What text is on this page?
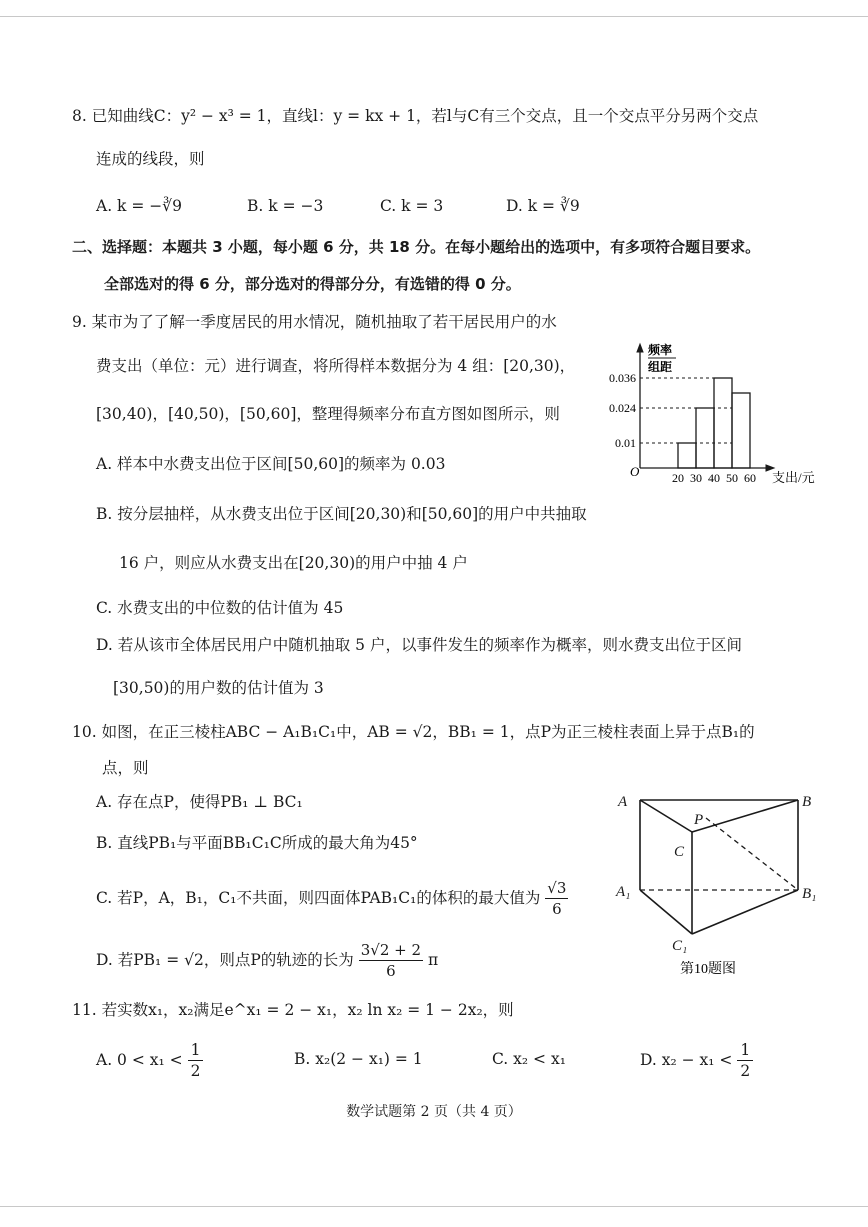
8. 已知曲线C：y² − x³ = 1，直线l：y = kx + 1，若l与C有三个交点，且一个交点平分另两个交点
连成的线段，则
A. k = −∛9	B. k = −3	C. k = 3	D. k = ∛9
二、选择题：本题共 3 小题，每小题 6 分，共 18 分。在每小题给出的选项中，有多项符合题目要求。
全部选对的得 6 分，部分选对的得部分分，有选错的得 0 分。
9. 某市为了了解一季度居民的用水情况，随机抽取了若干居民用户的水
费支出（单位：元）进行调查，将所得样本数据分为 4 组：[20,30)，
[30,40)，[40,50)，[50,60]，整理得频率分布直方图如图所示，则
A. 样本中水费支出位于区间[50,60]的频率为 0.03
B. 按分层抽样，从水费支出位于区间[20,30)和[50,60]的用户中共抽取
16 户，则应从水费支出在[20,30)的用户中抽 4 户
C. 水费支出的中位数的估计值为 45
D. 若从该市全体居民用户中随机抽取 5 户，以事件发生的频率作为概率，则水费支出位于区间
[30,50)的用户数的估计值为 3
0.01
0.024
0.036
20 30 40 50 60
频率
组距
O	支出/元
10. 如图，在正三棱柱ABC − A₁B₁C₁中，AB = √2，BB₁ = 1，点P为正三棱柱表面上异于点B₁的
点，则
A. 存在点P，使得PB₁ ⊥ BC₁
B. 直线PB₁与平面BB₁C₁C所成的最大角为45°
C. 若P，A，B₁，C₁不共面，则四面体PAB₁C₁的体积的最大值为 $\frac{√3}{6}$
D. 若PB₁ = √2，则点P的轨迹的长为 $\frac{3√2 + 2}{6}$ π
A	B
P
C
A₁	B₁
C₁
第10题图
11. 若实数x₁，x₂满足e^x₁ = 2 − x₁，x₂ ln x₂ = 1 − 2x₂，则
A. $0 < x_1 < \frac{1}{2}$	B. x₂(2 − x₁) = 1	C. x₂ < x₁	D. $x_2 - x_1 < \frac{1}{2}$
数学试题第 2 页（共 4 页）
